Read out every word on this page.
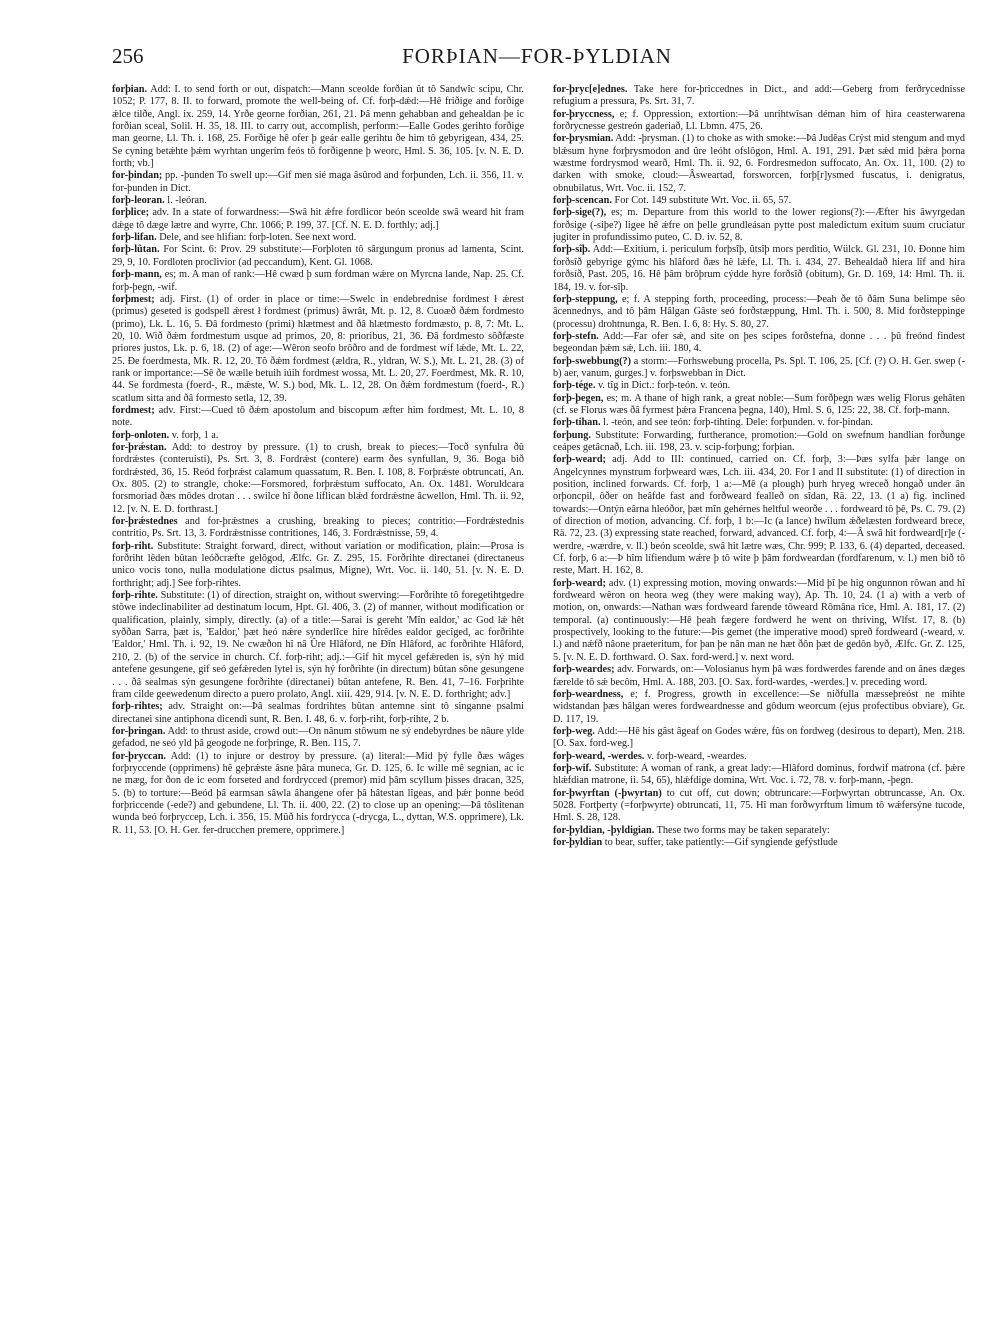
256	FORÞIAN—FOR-ÞYLDIAN

forþian. Add: I. to send forth or out, dispatch:—Mann sceolde forðian ût tô Sandwîc scipu, Chr. 1052; P. 177, 8. II. to forward, promote the well-being of. Cf. forþ-dǽd:—Hê friðige and forðige ǽlce tilðe, Angl. ix. 259, 14. Yrðe georne forðian, 261, 21. Þâ menn gehabban and gehealdan þe ic forðian sceal, Solil. H. 35, 18. III. to carry out, accomplish, perform:—Ealle Godes gerihto forðige man georne, Ll. Th. i. 168, 25. Forðige hê ofer þ geár ealle gerihtu ðe him tô gebyrigean, 434, 25. Se cyning betǽhte þǽm wyrhtan ungerím feós tô forðigenne þ weorc, Hml. S. 36, 105. [v. N. E. D. forth; vb.]

for-þindan; pp. -þunden To swell up:—Gif men sié maga âsûrod and forþunden, Lch. ii. 356, 11. v. for-þunden in Dict.

forþ-leoran. l. -leóran.

forþlice; adv. In a state of forwardness:—Swâ hit ǽfre fordlicor beón sceolde swâ weard hit fram dǽge tô dæge lætre and wyrre, Chr. 1066; P. 199, 37. [Cf. N. E. D. forthly; adj.]

forþ-lifan. Dele, and see hlifian: forþ-loten. See next word.

forþ-lûtan. For Scint. 6: Prov. 29 substitute:—Forþloten tô sârgungum pronus ad lamenta, Scint. 29, 9, 10. Fordloten proclivior (ad peccandum), Kent. Gl. 1068.

forþ-mann, es; m. A man of rank:—Hê cwæd þ sum fordman wǽre on Myrcna lande, Nap. 25. Cf. forþ-þegn, -wif.

forþmest; adj. First. (1) of order in place or time:—Swelc in endebrednise fordmest ł ǽrest (primus) geseted is godspell ǽrest ł fordmest (primus) âwrât, Mt. p. 12, 8. Cuoæð ðǽm fordmesto (primo), Lk. L. 16, 5. Ðâ fordmesto (primi) hlætmest and ðâ hlætmesto fordmæsto, p. 8, 7: Mt. L. 20, 10. Wið ðǽm fordmestum usque ad primos, 20, 8: prioribus, 21, 36. Ðâ fordmesto sôðfæste priores justos, Lk. p. 6, 18. (2) of age:—Wêron seofo brôðro and de fordmest wíf lǽde, Mt. L. 22, 25. Ðe foerdmesta, Mk. R. 12, 20. Tô ðǽm fordmest (ældra, R., yldran, W. S.), Mt. L. 21, 28. (3) of rank or importance:—Sê ðe wælle betuih iúih fordmest wossa, Mt. L. 20, 27. Foerdmest, Mk. R. 10, 44. Se fordmesta (foerd-, R., mǽste, W. S.) bod, Mk. L. 12, 28. On ðǽm fordmestum (foerd-, R.) scatlum sitta and ðâ formesto setla, 12, 39.

fordmest; adv. First:—Cued tô ðǽm apostolum and biscopum æfter him fordmest, Mt. L. 10, 8 note.

forþ-onloten. v. forþ, 1 a.

for-þrǽstan. Add: to destroy by pressure. (1) to crush, break to pieces:—Tocð synfulra ðû fordrǽstes (conteruisti), Ps. Srt. 3, 8. Fordrǽst (contere) earm ðes synfullan, 9, 36. Boga bið fordrǽsted, 36, 15. Reód forþrǽst calamum quassatum, R. Ben. I. 108, 8. Forþrǽste obtruncati, An. Ox. 805. (2) to strangle, choke:—Forsmored, forþrǽstum suffocato, An. Ox. 1481. Woruldcara forsmoriad ðæs môdes drotan . . . swilce hî ðone líflican blǽd fordrǽstne âcwellon, Hml. Th. ii. 92, 12. [v. N. E. D. forthrast.]

for-þrǽstednes and for-þrǽstnes a crushing, breaking to pieces; contritio:—Fordrǽstednis contritio, Ps. Srt. 13, 3. Fordrǽstnisse contritiones, 146, 3. Fordrǽstnisse, 59, 4.

forþ-riht. Substitute: Straight forward, direct, without variation or modification, plain:—Prosa is forðriht lêden bûtan leóðcræfte gelôgod, Ælfc. Gr. Z. 295, 15. Forðrihte directanei (directaneus unico vocis tono, nulla modulatione dictus psalmus, Migne), Wrt. Voc. ii. 140, 51. [v. N. E. D. forthright; adj.] See forþ-rihtes.

forþ-rihte. Substitute: (1) of direction, straight on, without swerving:—Forðrihte tô foregetihtgedre stôwe indeclinabiliter ad destinatum locum, Hpt. Gl. 406, 3. (2) of manner, without modification or qualification, plainly, simply, directly. (a) of a title:—Sarai is gereht 'Mîn ealdor,' ac God lǽ hêt syððan Sarra, þæt is, 'Ealdor,' þæt heó nǽre synderlîce hire hîrêdes ealdor gecîged, ac forðrihte 'Ealdor,' Hml. Th. i. 92, 19. Ne cwæðon hî nâ Ûre Hlâford, ne Ðîn Hlâford, ac forðrihte Hlâford, 210, 2. (b) of the service in church. Cf. forþ-riht; adj.:—Gif hit mycel gefǽreden is, sýn hý mid antefene gesungene, gif seó gefǽreden lytel is, sýn hý forðrihte (in directum) bûtan sône gesungene . . . ðâ sealmas sýn gesungene forðrihte (directanei) bûtan antefene, R. Ben. 41, 7–16. Forþrihte fram cilde geewedenum directo a puero prolato, Angl. xiii. 429, 914. [v. N. E. D. forthright; adv.]

forþ-rihtes; adv. Straight on:—Þâ sealmas fordrihtes bûtan antemne sint tô singanne psalmi directanei sine antiphona dicendi sunt, R. Ben. I. 48, 6. v. forþ-riht, forþ-rihte, 2 b.

for-þringan. Add: to thrust aside, crowd out:—On nânum stôwum ne sý endebyrdnes be nâure ylde gefadod, ne seó yld þâ geogode ne forþringe, R. Ben. 115, 7.

for-þryccan. Add: (1) to injure or destroy by pressure. (a) literal:—Mid þý fylle ðæs wâges forþryccende (opprimens) hê geþrǽste âsne þâra muneca, Gr. D. 125, 6. Ic wille mê segnian, ac ic ne mæg, for ðon de ic eom forseted and fordrycced (premor) mid þâm scyllum þisses dracan, 325, 5. (b) to torture:—Beód þâ earmsan sâwla âhangene ofer þâ hâtestan lîgeas, and þǽr þonne beód forþriccende (-ede?) and gebundene, Ll. Th. ii. 400, 22. (2) to close up an opening:—Þâ tôslitenan wunda beó forþryccep, Lch. i. 356, 15. Mûð his fordrycca (-drycga, L., dyttan, W.S. opprimere), Lk. R. 11, 53. [O. H. Ger. fer-drucchen premere, opprimere.]

for-þryc[e]ednes. Take here for-þriccednes in Dict., and add:—Geberg from ferðrycednisse refugium a pressura, Ps. Srt. 31, 7.

for-þryccness, e; f. Oppression, extortion:—Þâ unrihtwîsan déman him of hira ceasterwarena forðrycnesse gestreón gaderiað, Ll. Lbmn. 475, 26.

for-þrysmian. Add: -þrysman. (1) to choke as with smoke:—Þâ Judêas Crýst mid stengum and myd blǽsum hyne forþrysmodon and ûre leóht ofslôgon, Hml. A. 191, 291. Þæt sǽd mid þǽra þorna wæstme fordrysmod wearð, Hml. Th. ii. 92, 6. Fordresmedon suffocato, An. Ox. 11, 100. (2) to darken with smoke, cloud:—Âsweartad, forsworcen, forþ[r]ysmed fuscatus, i. denigratus, obnubilatus, Wrt. Voc. ii. 152, 7.

forþ-scencan. For Cot. 149 substitute Wrt. Voc. ii. 65, 57.

forþ-sige(?), es; m. Departure from this world to the lower regions(?):—Æfter his âwyrgedan forðsige (-siþe?) ligee hê ǽfre on þelle grundleásan pytte post maledictum exitum suum cruciatur jugiter in profundissimo puteo, C. D. iv. 52, 8.

forþ-sîþ. Add:—Exitium, i. periculum forþsîþ, ûtsîþ mors perditio, Wülck. Gl. 231, 10. Ðonne him forðsîð gebyrige gýmc his hlâford ðæs hê lǽfe, Ll. Th. i. 434, 27. Behealdað hiera lîf and hira forðsíð, Past. 205, 16. Hê þâm brôþrum cýdde hyre forðsîð (obitum), Gr. D. 169, 14: Hml. Th. ii. 184, 19. v. for-sîþ.

forþ-steppung, e; f. A stepping forth, proceeding, process:—Þeah ðe tô ðâm Suna belimpe sêo âcennednys, and tô þâm Hâlgan Gâste seó forðstæppung, Hml. Th. i. 500, 8. Mid forðsteppinge (processu) drohtnunga, R. Ben. I. 6, 8: Hy. S. 80, 27.

forþ-stefn. Add:—Far ofer sǽ, and site on þes scipes forðstefna, donne . . . þû freónd findest begeondan þǽm sǽ, Lch. iii. 180, 4.

forþ-swebbung(?) a storm:—Forhswebung procella, Ps. Spl. T. 106, 25. [Cf. (?) O. H. Ger. swep (-b) aer, vanum, gurges.] v. forþswebban in Dict.

forþ-tége. v. tîg in Dict.: forþ-teón. v. teón.

forþ-þegen, es; m. A thane of high rank, a great noble:—Sum forðþegn wæs welig Florus gehâten (cf. se Florus wæs ðâ fyrmest þǽra Francena þegna, 140), Hml. S. 6, 125: 22, 38. Cf. forþ-mann.

forþ-tihan. l. -teón, and see teón: forþ-tihting. Dele: forþunden. v. for-þindan.

forþung. Substitute: Forwarding, furtherance, promotion:—Gold on swefnum handlian forðunge ceápes getâcnað, Lch. iii. 198, 23. v. scip-forþung; forþian.

forþ-weard; adj. Add to III: continued, carried on. Cf. forþ, 3:—Þæs sylfa þǽr lange on Angelcynnes mynstrum forþweard wæs, Lch. iii. 434, 20. For I and II substitute: (1) of direction in position, inclined forwards. Cf. forþ, 1 a:—Mê (a plough) þurh hryeg wreceð hongað under ân orþoncpil, ôðer on heâfde fast and forðweard fealleð on sîdan, Rä. 22, 13. (1 a) fig. inclined towards:—Ontýn eârna hleóðor, þæt mîn gehérnes heltful weorðe . . . fordweard tô þê, Ps. C. 79. (2) of direction of motion, advancing. Cf. forþ, 1 b:—Ic (a lance) hwîlum ǽðelæsten fordweard brece, Rä. 72, 23. (3) expressing state reached, forward, advanced. Cf. forþ, 4:—Â swâ hit fordweard[r]e (-werdre, -wærdre, v. ll.) beón sceolde, swâ hit lætre wæs, Chr. 999; P. 133, 6. (4) departed, deceased. Cf. forþ, 6 a:—Þ hîm lífiendum wǽre þ tô wite þ þâm fordweardan (fordfarenum, v. l.) men bið tô reste, Mart. H. 162, 8.

forþ-weard; adv. (1) expressing motion, moving onwards:—Mid þî þe hig ongunnon rôwan and hî fordweard wêron on heora weg (they were making way), Ap. Th. 10, 24. (1 a) with a verb of motion, on, onwards:—Nathan wæs fordweard farende tôweard Rômâna rîce, Hml. A. 181, 17. (2) temporal. (a) continuously:—Hê þeah fægere fordwerd he went on thriving, Wlfst. 17, 8. (b) prospectively, looking to the future:—Þis gemet (the imperative mood) spreð fordweard (-weard, v. l.) and nǽfð nâone praeteritum, for þan þe nân man ne hæt ðôn þæt de gedôn byð, Ælfc. Gr. Z. 125, 5. [v. N. E. D. forthward. O. Sax. ford-werd.] v. next word.

forþ-weardes; adv. Forwards, on:—Volosianus hym þâ wæs fordwerdes farende and on ânes dæges færelde tô sǽ becôm, Hml. A. 188, 203. [O. Sax. ford-wardes, -werdes.] v. preceding word.

forþ-weardness, e; f. Progress, growth in excellence:—Se niðfulla mæsseþreóst ne mihte widstandan þæs hâlgan weres fordweardnesse and gôdum weorcum (ejus profectibus obviare), Gr. D. 117, 19.

forþ-weg. Add:—Hê his gâst âgeaf on Godes wǽre, fûs on fordweg (desirous to depart), Men. 218. [O. Sax. ford-weg.]

forþ-weard, -werdes. v. forþ-weard, -weardes.

forþ-wif. Substitute: A woman of rank, a great lady:—Hlâford dominus, fordwif matrona (cf. þǽre hlǽfdian matrone, ii. 54, 65), hlǽfdige domina, Wrt. Voc. i. 72, 78. v. forþ-mann, -þegn.

for-þwyrftan (-þwyrtan) to cut off, cut down; obtruncare:—Forþwyrtan obtruncasse, An. Ox. 5028. Fortþerty (=forþwyrte) obtruncati, 11, 75. Hî man forðwyrftum limum tô wǽfersýne tucode, Hml. S. 28, 128.

for-þyldian, -þyldigian. These two forms may be taken separately:

for-þyldian to bear, suffer, take patiently:—Gif syngiende gefýstlude
